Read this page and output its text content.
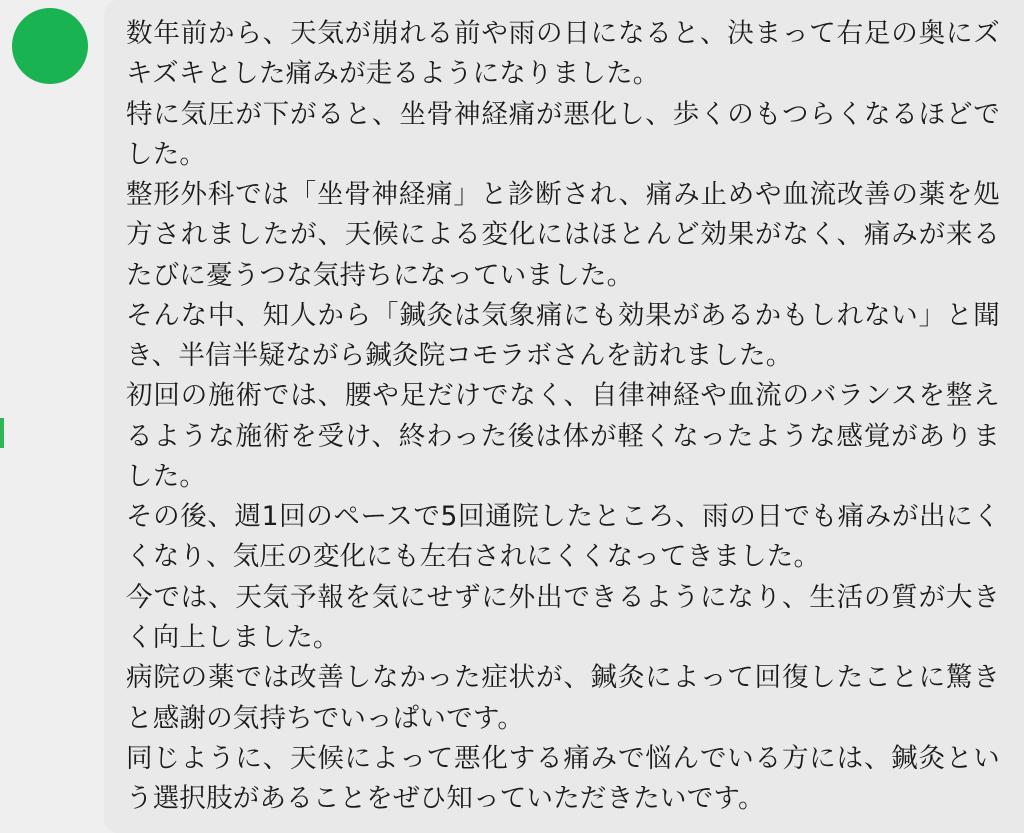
数年前から、天気が崩れる前や雨の日になると、決まって右足の奥にズキズキとした痛みが走るようになりました。
特に気圧が下がると、坐骨神経痛が悪化し、歩くのもつらくなるほどでした。
整形外科では「坐骨神経痛」と診断され、痛み止めや血流改善の薬を処方されましたが、天候による変化にはほとんど効果がなく、痛みが来るたびに憂うつな気持ちになっていました。
そんな中、知人から「鍼灸は気象痛にも効果があるかもしれない」と聞き、半信半疑ながら鍼灸院コモラボさんを訪れました。
初回の施術では、腰や足だけでなく、自律神経や血流のバランスを整えるような施術を受け、終わった後は体が軽くなったような感覚がありました。
その後、週1回のペースで5回通院したところ、雨の日でも痛みが出にくくなり、気圧の変化にも左右されにくくなってきました。
今では、天気予報を気にせずに外出できるようになり、生活の質が大きく向上しました。
病院の薬では改善しなかった症状が、鍼灸によって回復したことに驚きと感謝の気持ちでいっぱいです。
同じように、天候によって悪化する痛みで悩んでいる方には、鍼灸という選択肢があることをぜひ知っていただきたいです。
